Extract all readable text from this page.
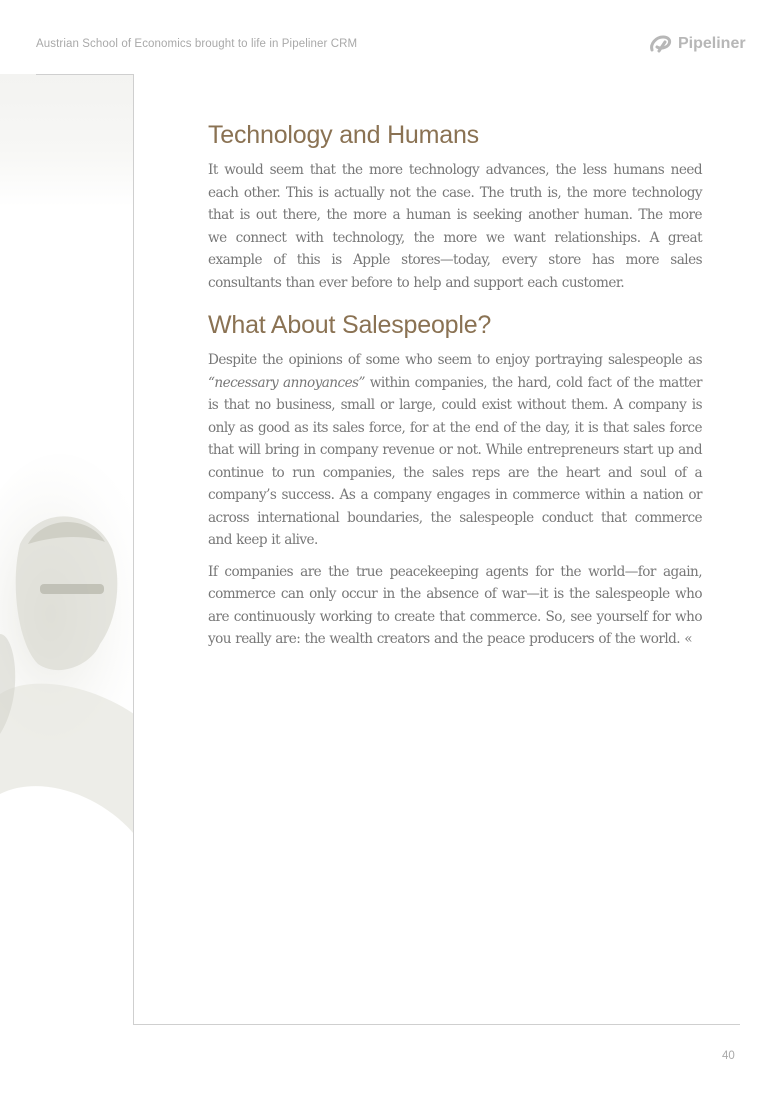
Austrian School of Economics brought to life in Pipeliner CRM	Pipeliner
Technology and Humans

It would seem that the more technology advances, the less humans need each other. This is actually not the case. The truth is, the more technology that is out there, the more a human is seeking another human. The more we connect with technology, the more we want relationships. A great example of this is Apple stores—today, every store has more sales consultants than ever before to help and support each customer.

What About Salespeople?

Despite the opinions of some who seem to enjoy portraying salespeople as “necessary annoyances” within companies, the hard, cold fact of the matter is that no business, small or large, could exist without them. A company is only as good as its sales force, for at the end of the day, it is that sales force that will bring in company revenue or not. While entrepreneurs start up and continue to run companies, the sales reps are the heart and soul of a company’s success. As a company engages in commerce within a nation or across international boundaries, the salespeople conduct that commerce and keep it alive.

If companies are the true peacekeeping agents for the world—for again, commerce can only occur in the absence of war—it is the salespeople who are continuously working to create that commerce. So, see yourself for who you really are: the wealth creators and the peace producers of the world. «

40
